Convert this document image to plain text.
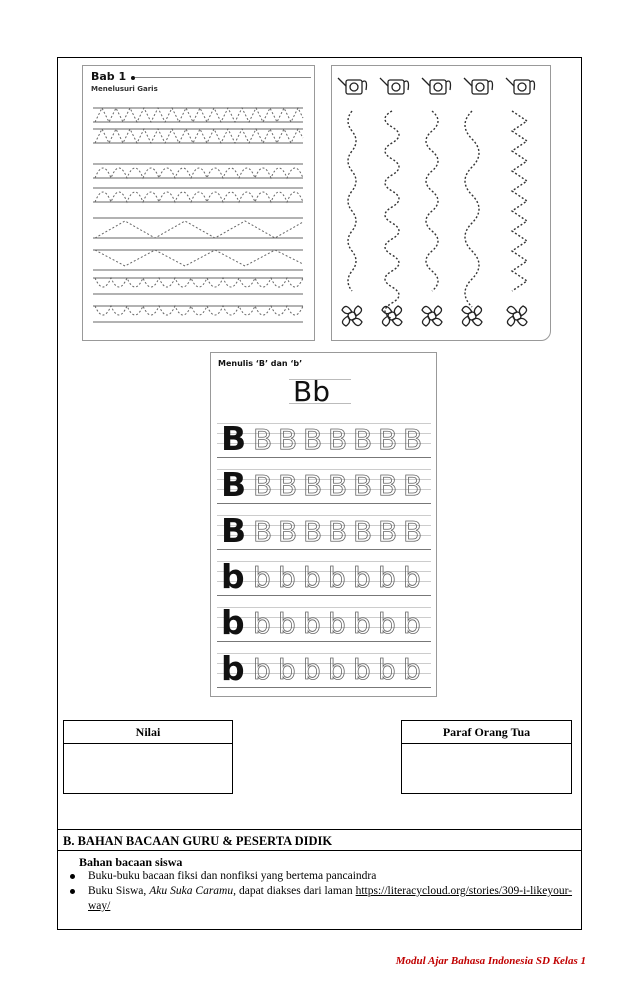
Bab 1
Menelusuri Garis
Menulis ‘B’ dan ‘b’
Bb
B B B B B B B B
B B B B B B B B
B B B B B B B B
b b b b b b b b
b b b b b b b b
b b b b b b b b
Nilai	Paraf Orang Tua
B. BAHAN BACAAN GURU & PESERTA DIDIK
Bahan bacaan siswa
Buku-buku bacaan fiksi dan nonfiksi yang bertema pancaindra
Buku Siswa, Aku Suka Caramu, dapat diakses dari laman https://literacycloud.org/stories/309-i-likeyour-way/
Modul Ajar Bahasa Indonesia SD Kelas 1
